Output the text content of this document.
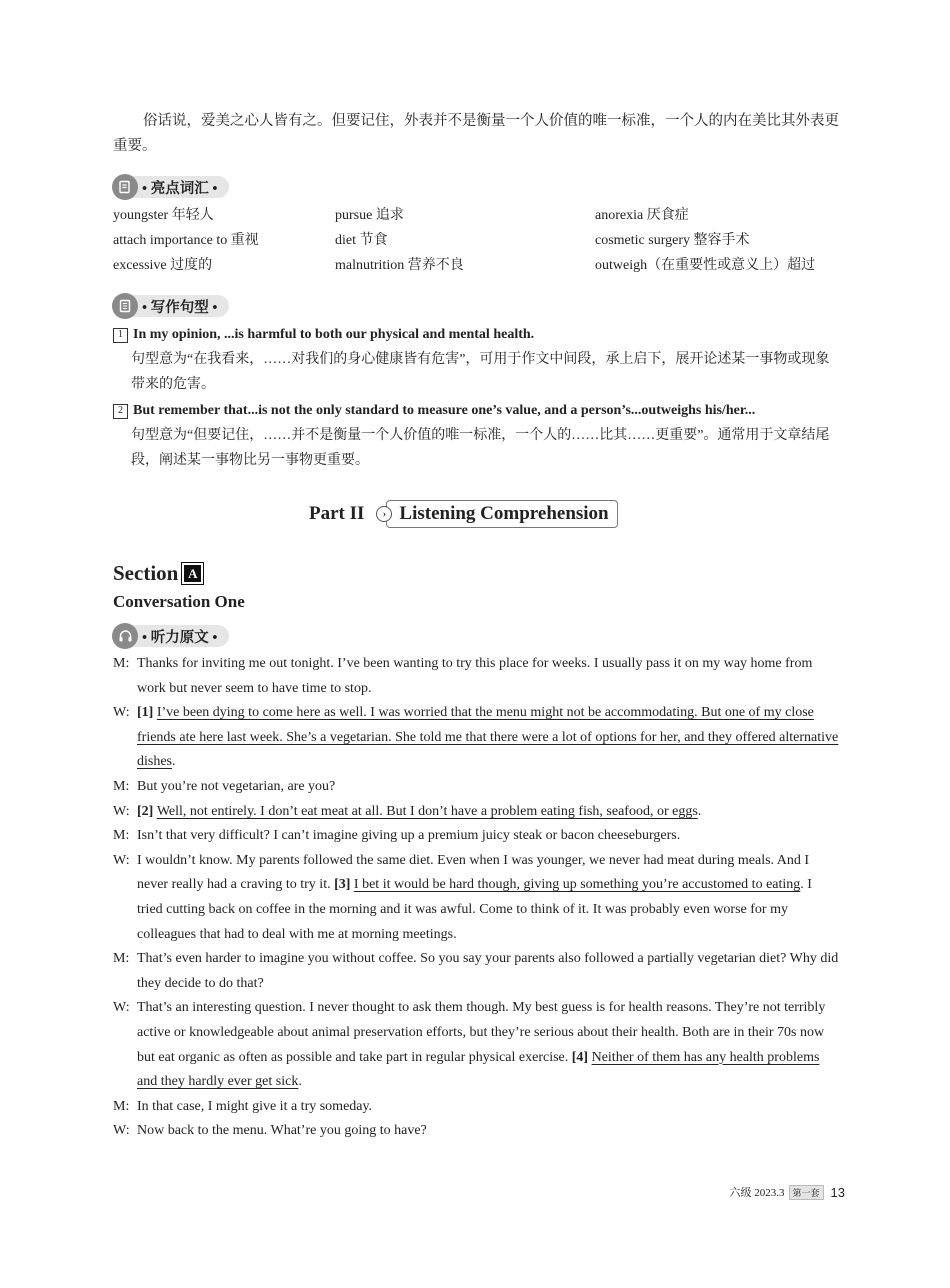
俗话说，爱美之心人皆有之。但要记住，外表并不是衡量一个人价值的唯一标准，一个人的内在美比其外表更重要。

• 亮点词汇 •
youngster 年轻人	pursue 追求	anorexia 厌食症
attach importance to 重视	diet 节食	cosmetic surgery 整容手术
excessive 过度的	malnutrition 营养不良	outweigh（在重要性或意义上）超过
• 写作句型 •
1 In my opinion, ...is harmful to both our physical and mental health.
句型意为“在我看来，……对我们的身心健康皆有危害”，可用于作文中间段，承上启下，展开论述某一事物或现象带来的危害。
2 But remember that...is not the only standard to measure one’s value, and a person’s...outweighs his/her...
句型意为“但要记住，……并不是衡量一个人价值的唯一标准，一个人的……比其……更重要”。通常用于文章结尾段，阐述某一事物比另一事物更重要。
Part II	› Listening Comprehension
Section A
Conversation One
• 听力原文 •
M: Thanks for inviting me out tonight. I’ve been wanting to try this place for weeks. I usually pass it on my way home from work but never seem to have time to stop.
W: [1] I’ve been dying to come here as well. I was worried that the menu might not be accommodating. But one of my close friends ate here last week. She’s a vegetarian. She told me that there were a lot of options for her, and they offered alternative dishes.
M: But you’re not vegetarian, are you?
W: [2] Well, not entirely. I don’t eat meat at all. But I don’t have a problem eating fish, seafood, or eggs.
M: Isn’t that very difficult? I can’t imagine giving up a premium juicy steak or bacon cheeseburgers.
W: I wouldn’t know. My parents followed the same diet. Even when I was younger, we never had meat during meals. And I never really had a craving to try it. [3] I bet it would be hard though, giving up something you’re accustomed to eating. I tried cutting back on coffee in the morning and it was awful. Come to think of it. It was probably even worse for my colleagues that had to deal with me at morning meetings.
M: That’s even harder to imagine you without coffee. So you say your parents also followed a partially vegetarian diet? Why did they decide to do that?
W: That’s an interesting question. I never thought to ask them though. My best guess is for health reasons. They’re not terribly active or knowledgeable about animal preservation efforts, but they’re serious about their health. Both are in their 70s now but eat organic as often as possible and take part in regular physical exercise. [4] Neither of them has any health problems and they hardly ever get sick.
M: In that case, I might give it a try someday.
W: Now back to the menu. What’re you going to have?
六级 2023.3 第一套 13
